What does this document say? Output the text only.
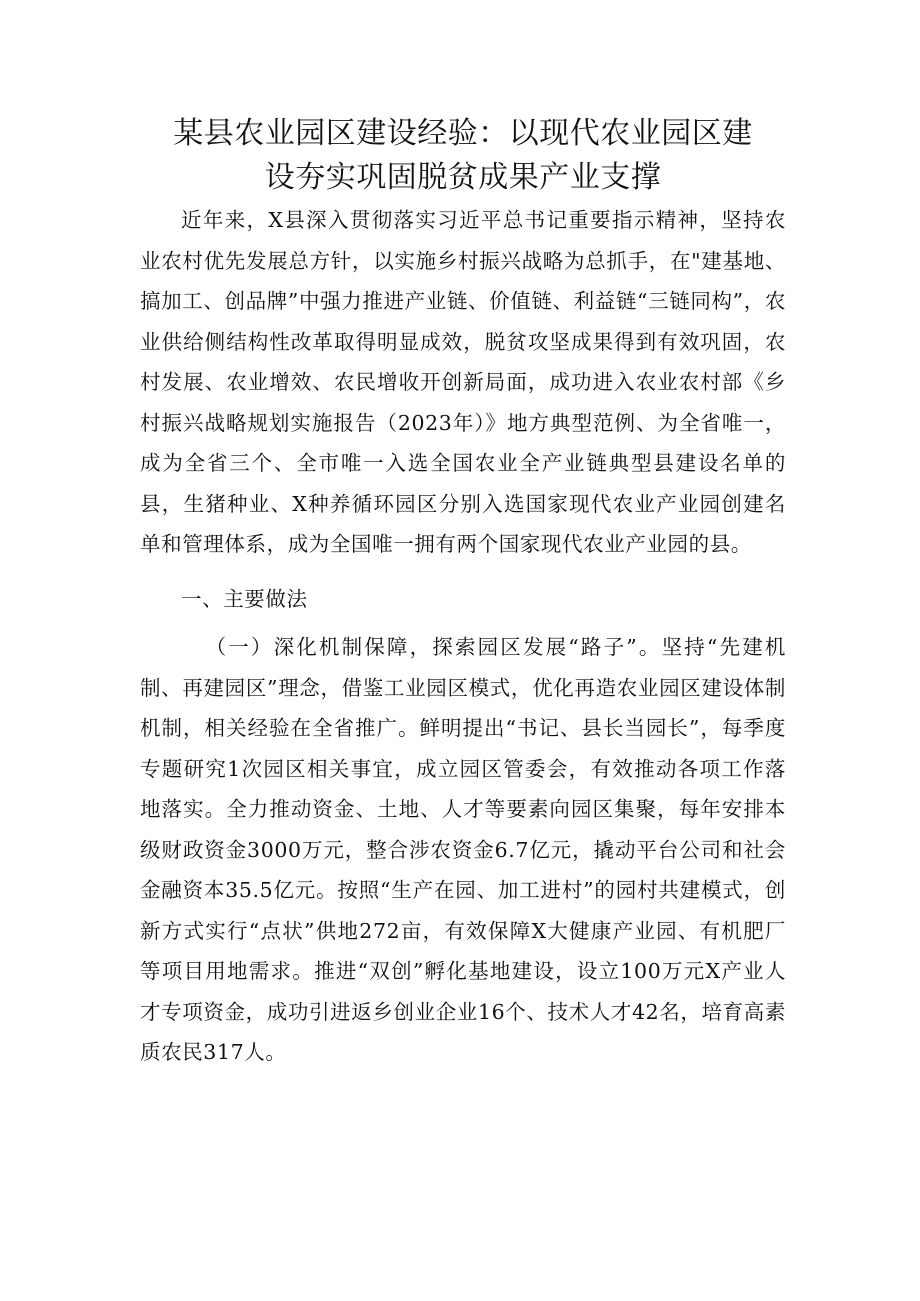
某县农业园区建设经验：以现代农业园区建
设夯实巩固脱贫成果产业支撑

近年来，X县深入贯彻落实习近平总书记重要指示精神，坚持农业农村优先发展总方针，以实施乡村振兴战略为总抓手，在"建基地、搞加工、创品牌”中强力推进产业链、价值链、利益链“三链同构”，农业供给侧结构性改革取得明显成效，脱贫攻坚成果得到有效巩固，农村发展、农业增效、农民增收开创新局面，成功进入农业农村部《乡村振兴战略规划实施报告（2023年）》地方典型范例、为全省唯一，成为全省三个、全市唯一入选全国农业全产业链典型县建设名单的县，生猪种业、X种养循环园区分别入选国家现代农业产业园创建名单和管理体系，成为全国唯一拥有两个国家现代农业产业园的县。

一、主要做法

（一）深化机制保障，探索园区发展“路子”。坚持“先建机制、再建园区”理念，借鉴工业园区模式，优化再造农业园区建设体制机制，相关经验在全省推广。鲜明提出“书记、县长当园长”，每季度专题研究1次园区相关事宜，成立园区管委会，有效推动各项工作落地落实。全力推动资金、土地、人才等要素向园区集聚，每年安排本级财政资金3000万元，整合涉农资金6.7亿元，撬动平台公司和社会金融资本35.5亿元。按照“生产在园、加工进村”的园村共建模式，创新方式实行“点状”供地272亩，有效保障X大健康产业园、有机肥厂等项目用地需求。推进“双创”孵化基地建设，设立100万元X产业人才专项资金，成功引进返乡创业企业16个、技术人才42名，培育高素质农民317人。
